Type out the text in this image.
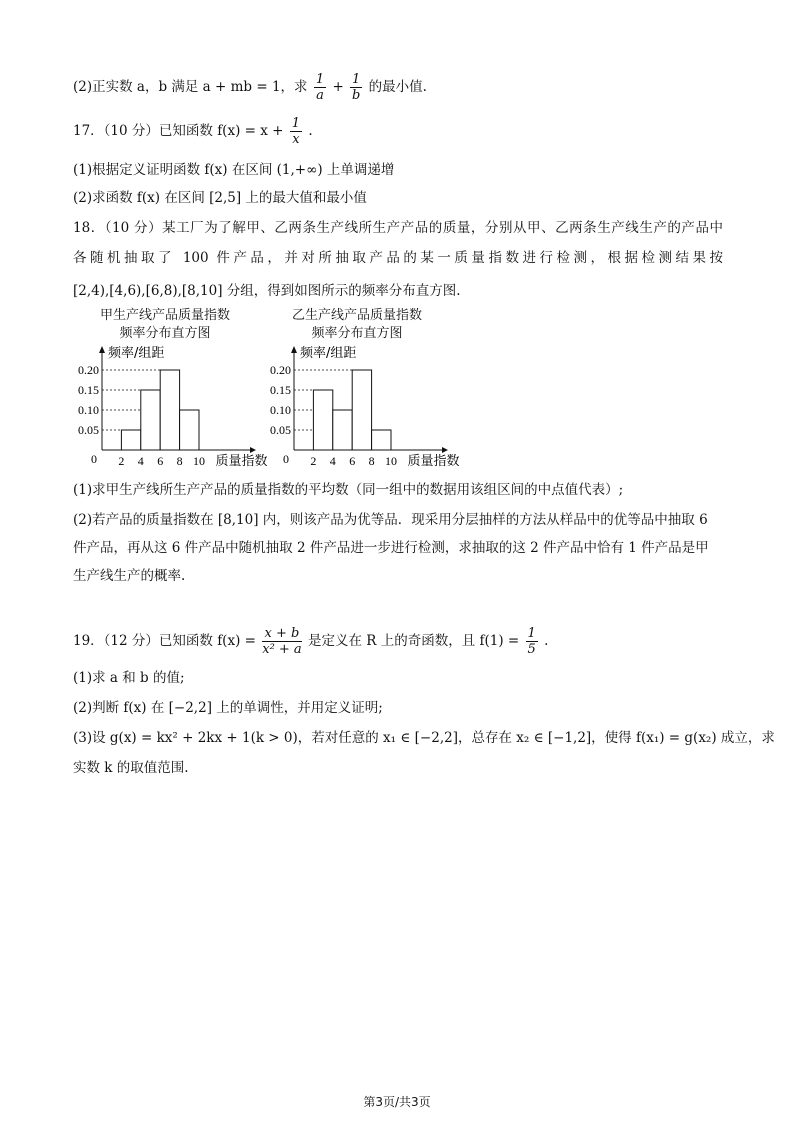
(2)正实数 a，b 满足 a + mb = 1，求 $\frac{1}{a} + \frac{1}{b}$ 的最小值.
17．（10 分）已知函数 $f(x) = x + \frac{1}{x}$ .
(1)根据定义证明函数 f(x) 在区间 (1,+∞) 上单调递增
(2)求函数 f(x) 在区间 [2,5] 上的最大值和最小值
18．（10 分）某工厂为了解甲、乙两条生产线所生产产品的质量，分别从甲、乙两条生产线生产的产品中
各随机抽取了 100 件产品，并对所抽取产品的某一质量指数进行检测，根据检测结果按
[2,4),[4,6),[6,8),[8,10] 分组，得到如图所示的频率分布直方图.
甲生产线产品质量指数
频率分布直方图
频率/组距
质量指数
0
0.05
0.10
0.15
0.20
2 4 6 8 10
乙生产线产品质量指数
频率分布直方图
频率/组距
质量指数
0
0.05
0.10
0.15
0.20
2 4 6 8 10
(1)求甲生产线所生产产品的质量指数的平均数（同一组中的数据用该组区间的中点值代表）;
(2)若产品的质量指数在 [8,10] 内，则该产品为优等品．现采用分层抽样的方法从样品中的优等品中抽取 6
件产品，再从这 6 件产品中随机抽取 2 件产品进一步进行检测，求抽取的这 2 件产品中恰有 1 件产品是甲
生产线生产的概率.
19．（12 分）已知函数 $f(x) = \frac{x + b}{\text{x² + a}}$ 是定义在 R 上的奇函数，且 $f(1) = \frac{1}{5}$ .
(1)求 a 和 b 的值;
(2)判断 f(x) 在 [−2,2] 上的单调性，并用定义证明;
(3)设 g(x) = kx² + 2kx + 1(k > 0)，若对任意的 x₁ ∈ [−2,2]，总存在 x₂ ∈ [−1,2]，使得 f(x₁) = g(x₂) 成立，求
实数 k 的取值范围.
第3页/共3页
